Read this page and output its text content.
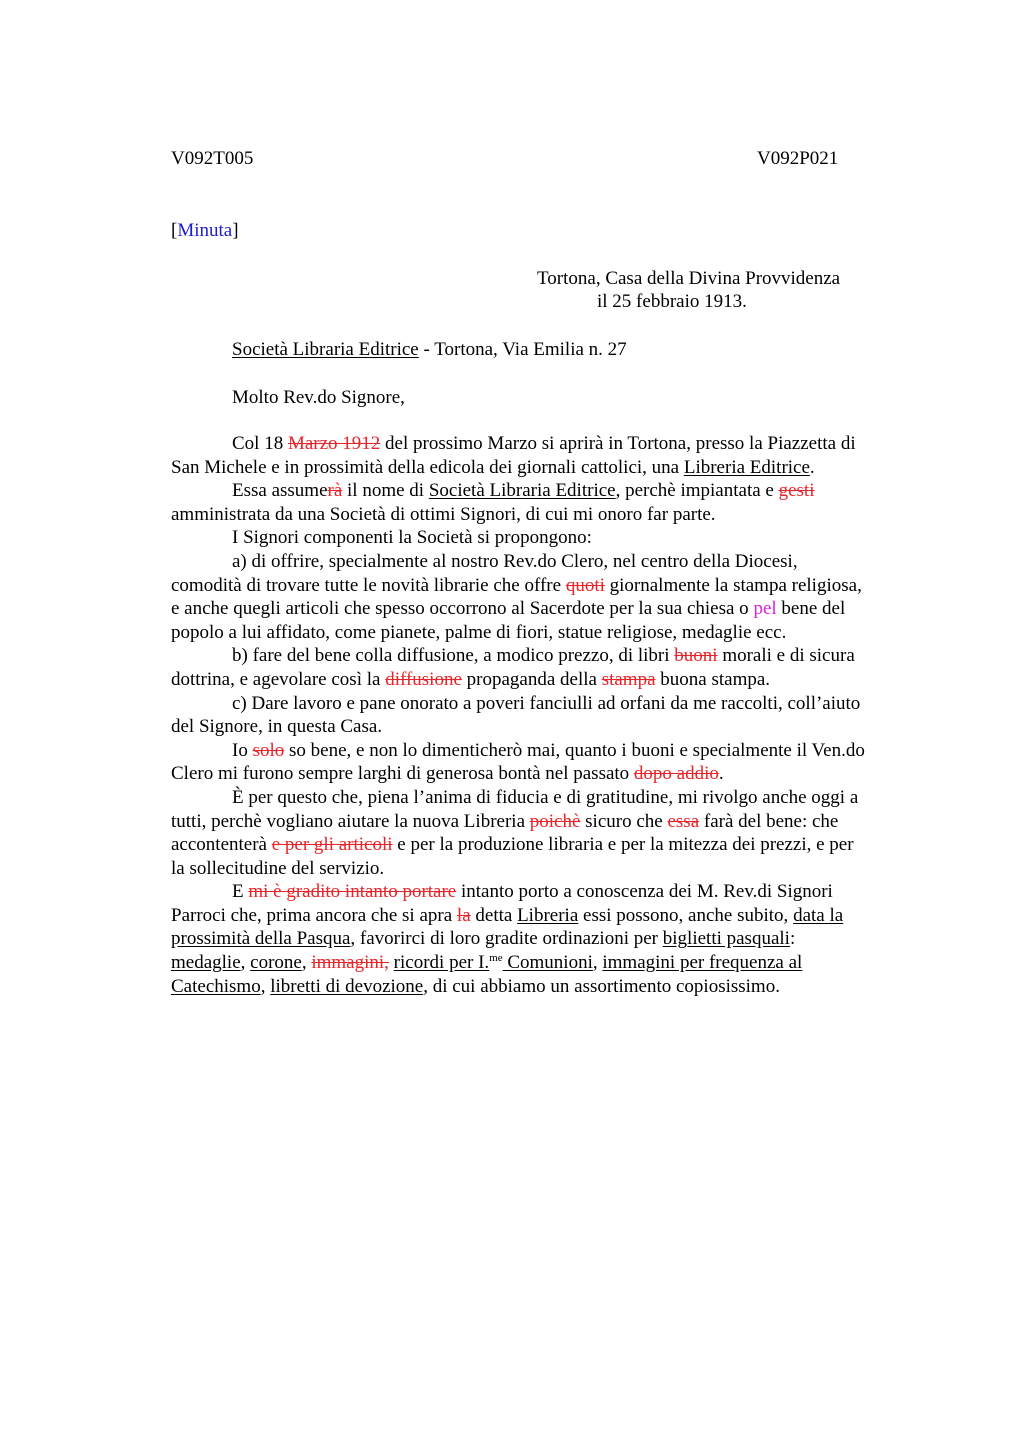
V092T005	V092P021
[Minuta]
Tortona, Casa della Divina Provvidenza
il 25 febbraio 1913.
Società Libraria Editrice - Tortona, Via Emilia n. 27
Molto Rev.do Signore,
Col 18 Marzo 1912 del prossimo Marzo si aprirà in Tortona, presso la Piazzetta di
San Michele e in prossimità della edicola dei giornali cattolici, una Libreria Editrice.
Essa assumerà il nome di Società Libraria Editrice, perchè impiantata e gesti
amministrata da una Società di ottimi Signori, di cui mi onoro far parte.
I Signori componenti la Società si propongono:
a) di offrire, specialmente al nostro Rev.do Clero, nel centro della Diocesi,
comodità di trovare tutte le novità librarie che offre quoti giornalmente la stampa religiosa,
e anche quegli articoli che spesso occorrono al Sacerdote per la sua chiesa o pel bene del
popolo a lui affidato, come pianete, palme di fiori, statue religiose, medaglie ecc.
b) fare del bene colla diffusione, a modico prezzo, di libri buoni morali e di sicura
dottrina, e agevolare così la diffusione propaganda della stampa buona stampa.
c) Dare lavoro e pane onorato a poveri fanciulli ad orfani da me raccolti, coll’aiuto
del Signore, in questa Casa.
Io solo so bene, e non lo dimenticherò mai, quanto i buoni e specialmente il Ven.do
Clero mi furono sempre larghi di generosa bontà nel passato dopo addio.
È per questo che, piena l’anima di fiducia e di gratitudine, mi rivolgo anche oggi a
tutti, perchè vogliano aiutare la nuova Libreria poichè sicuro che essa farà del bene: che
accontenterà e per gli articoli e per la produzione libraria e per la mitezza dei prezzi, e per
la sollecitudine del servizio.
E mi è gradito intanto portare intanto porto a conoscenza dei M. Rev.di Signori
Parroci che, prima ancora che si apra la detta Libreria essi possono, anche subito, data la
prossimità della Pasqua, favorirci di loro gradite ordinazioni per biglietti pasquali:
medaglie, corone, immagini, ricordi per I.$^{me}$ Comunioni, immagini per frequenza al
Catechismo, libretti di devozione, di cui abbiamo un assortimento copiosissimo.
